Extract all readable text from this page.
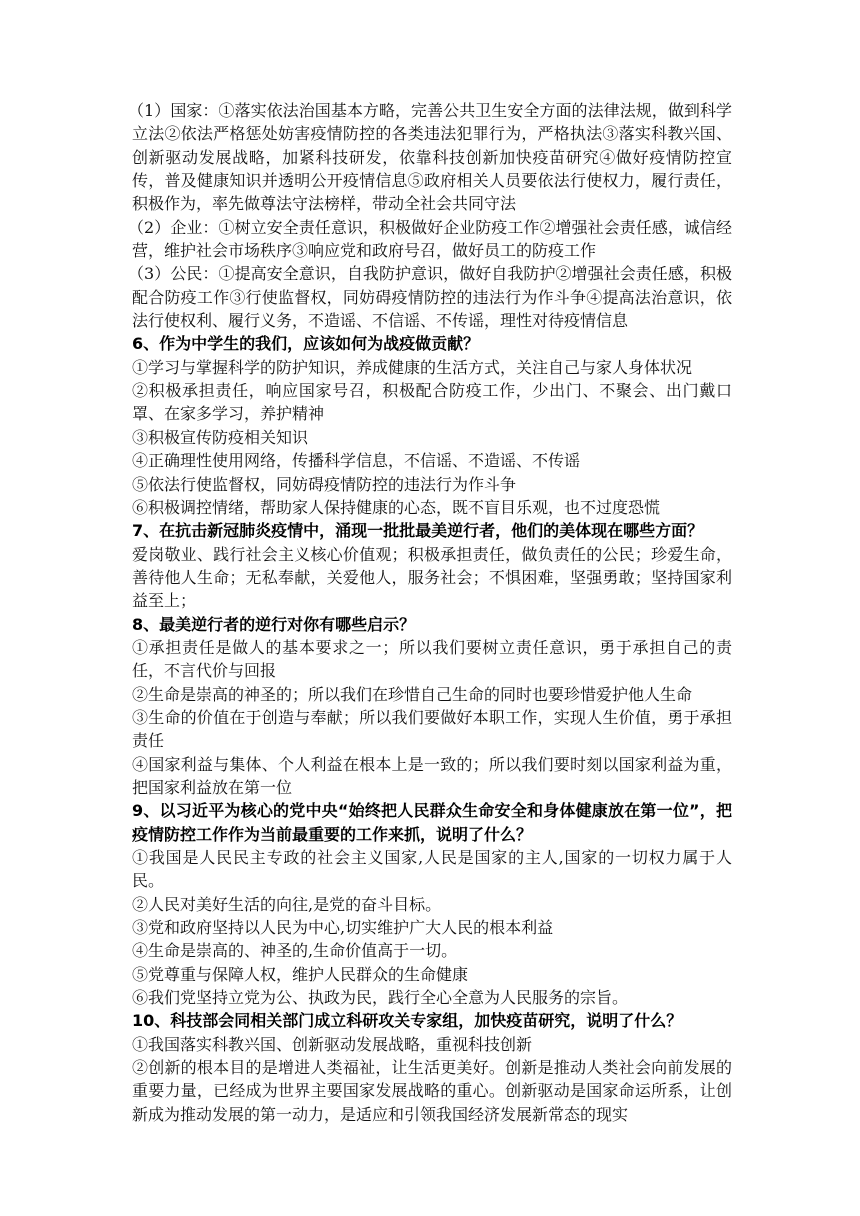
（1）国家：①落实依法治国基本方略，完善公共卫生安全方面的法律法规，做到科学立法②依法严格惩处妨害疫情防控的各类违法犯罪行为，严格执法③落实科教兴国、创新驱动发展战略，加紧科技研发，依靠科技创新加快疫苗研究④做好疫情防控宣传，普及健康知识并透明公开疫情信息⑤政府相关人员要依法行使权力，履行责任，积极作为，率先做尊法守法榜样，带动全社会共同守法

（2）企业：①树立安全责任意识，积极做好企业防疫工作②增强社会责任感，诚信经营，维护社会市场秩序③响应党和政府号召，做好员工的防疫工作

（3）公民：①提高安全意识，自我防护意识，做好自我防护②增强社会责任感，积极配合防疫工作③行使监督权，同妨碍疫情防控的违法行为作斗争④提高法治意识，依法行使权利、履行义务，不造谣、不信谣、不传谣，理性对待疫情信息

6、作为中学生的我们，应该如何为战疫做贡献？

①学习与掌握科学的防护知识，养成健康的生活方式，关注自己与家人身体状况

②积极承担责任，响应国家号召，积极配合防疫工作，少出门、不聚会、出门戴口罩、在家多学习，养护精神

③积极宣传防疫相关知识

④正确理性使用网络，传播科学信息，不信谣、不造谣、不传谣

⑤依法行使监督权，同妨碍疫情防控的违法行为作斗争

⑥积极调控情绪，帮助家人保持健康的心态，既不盲目乐观，也不过度恐慌

7、在抗击新冠肺炎疫情中，涌现一批批最美逆行者，他们的美体现在哪些方面？

爱岗敬业、践行社会主义核心价值观；积极承担责任，做负责任的公民；珍爱生命，善待他人生命；无私奉献，关爱他人，服务社会；不惧困难，坚强勇敢；坚持国家利益至上；

8、最美逆行者的逆行对你有哪些启示？

①承担责任是做人的基本要求之一；所以我们要树立责任意识，勇于承担自己的责任，不言代价与回报

②生命是崇高的神圣的；所以我们在珍惜自己生命的同时也要珍惜爱护他人生命

③生命的价值在于创造与奉献；所以我们要做好本职工作，实现人生价值，勇于承担责任

④国家利益与集体、个人利益在根本上是一致的；所以我们要时刻以国家利益为重，把国家利益放在第一位

9、以习近平为核心的党中央“始终把人民群众生命安全和身体健康放在第一位”，把疫情防控工作作为当前最重要的工作来抓，说明了什么？

①我国是人民民主专政的社会主义国家,人民是国家的主人,国家的一切权力属于人民。

②人民对美好生活的向往,是党的奋斗目标。

③党和政府坚持以人民为中心,切实维护广大人民的根本利益

④生命是崇高的、神圣的,生命价值高于一切。

⑤党尊重与保障人权，维护人民群众的生命健康

⑥我们党坚持立党为公、执政为民，践行全心全意为人民服务的宗旨。

10、科技部会同相关部门成立科研攻关专家组，加快疫苗研究，说明了什么？

①我国落实科教兴国、创新驱动发展战略，重视科技创新

②创新的根本目的是增进人类福祉，让生活更美好。创新是推动人类社会向前发展的重要力量，已经成为世界主要国家发展战略的重心。创新驱动是国家命运所系，让创新成为推动发展的第一动力，是适应和引领我国经济发展新常态的现实
